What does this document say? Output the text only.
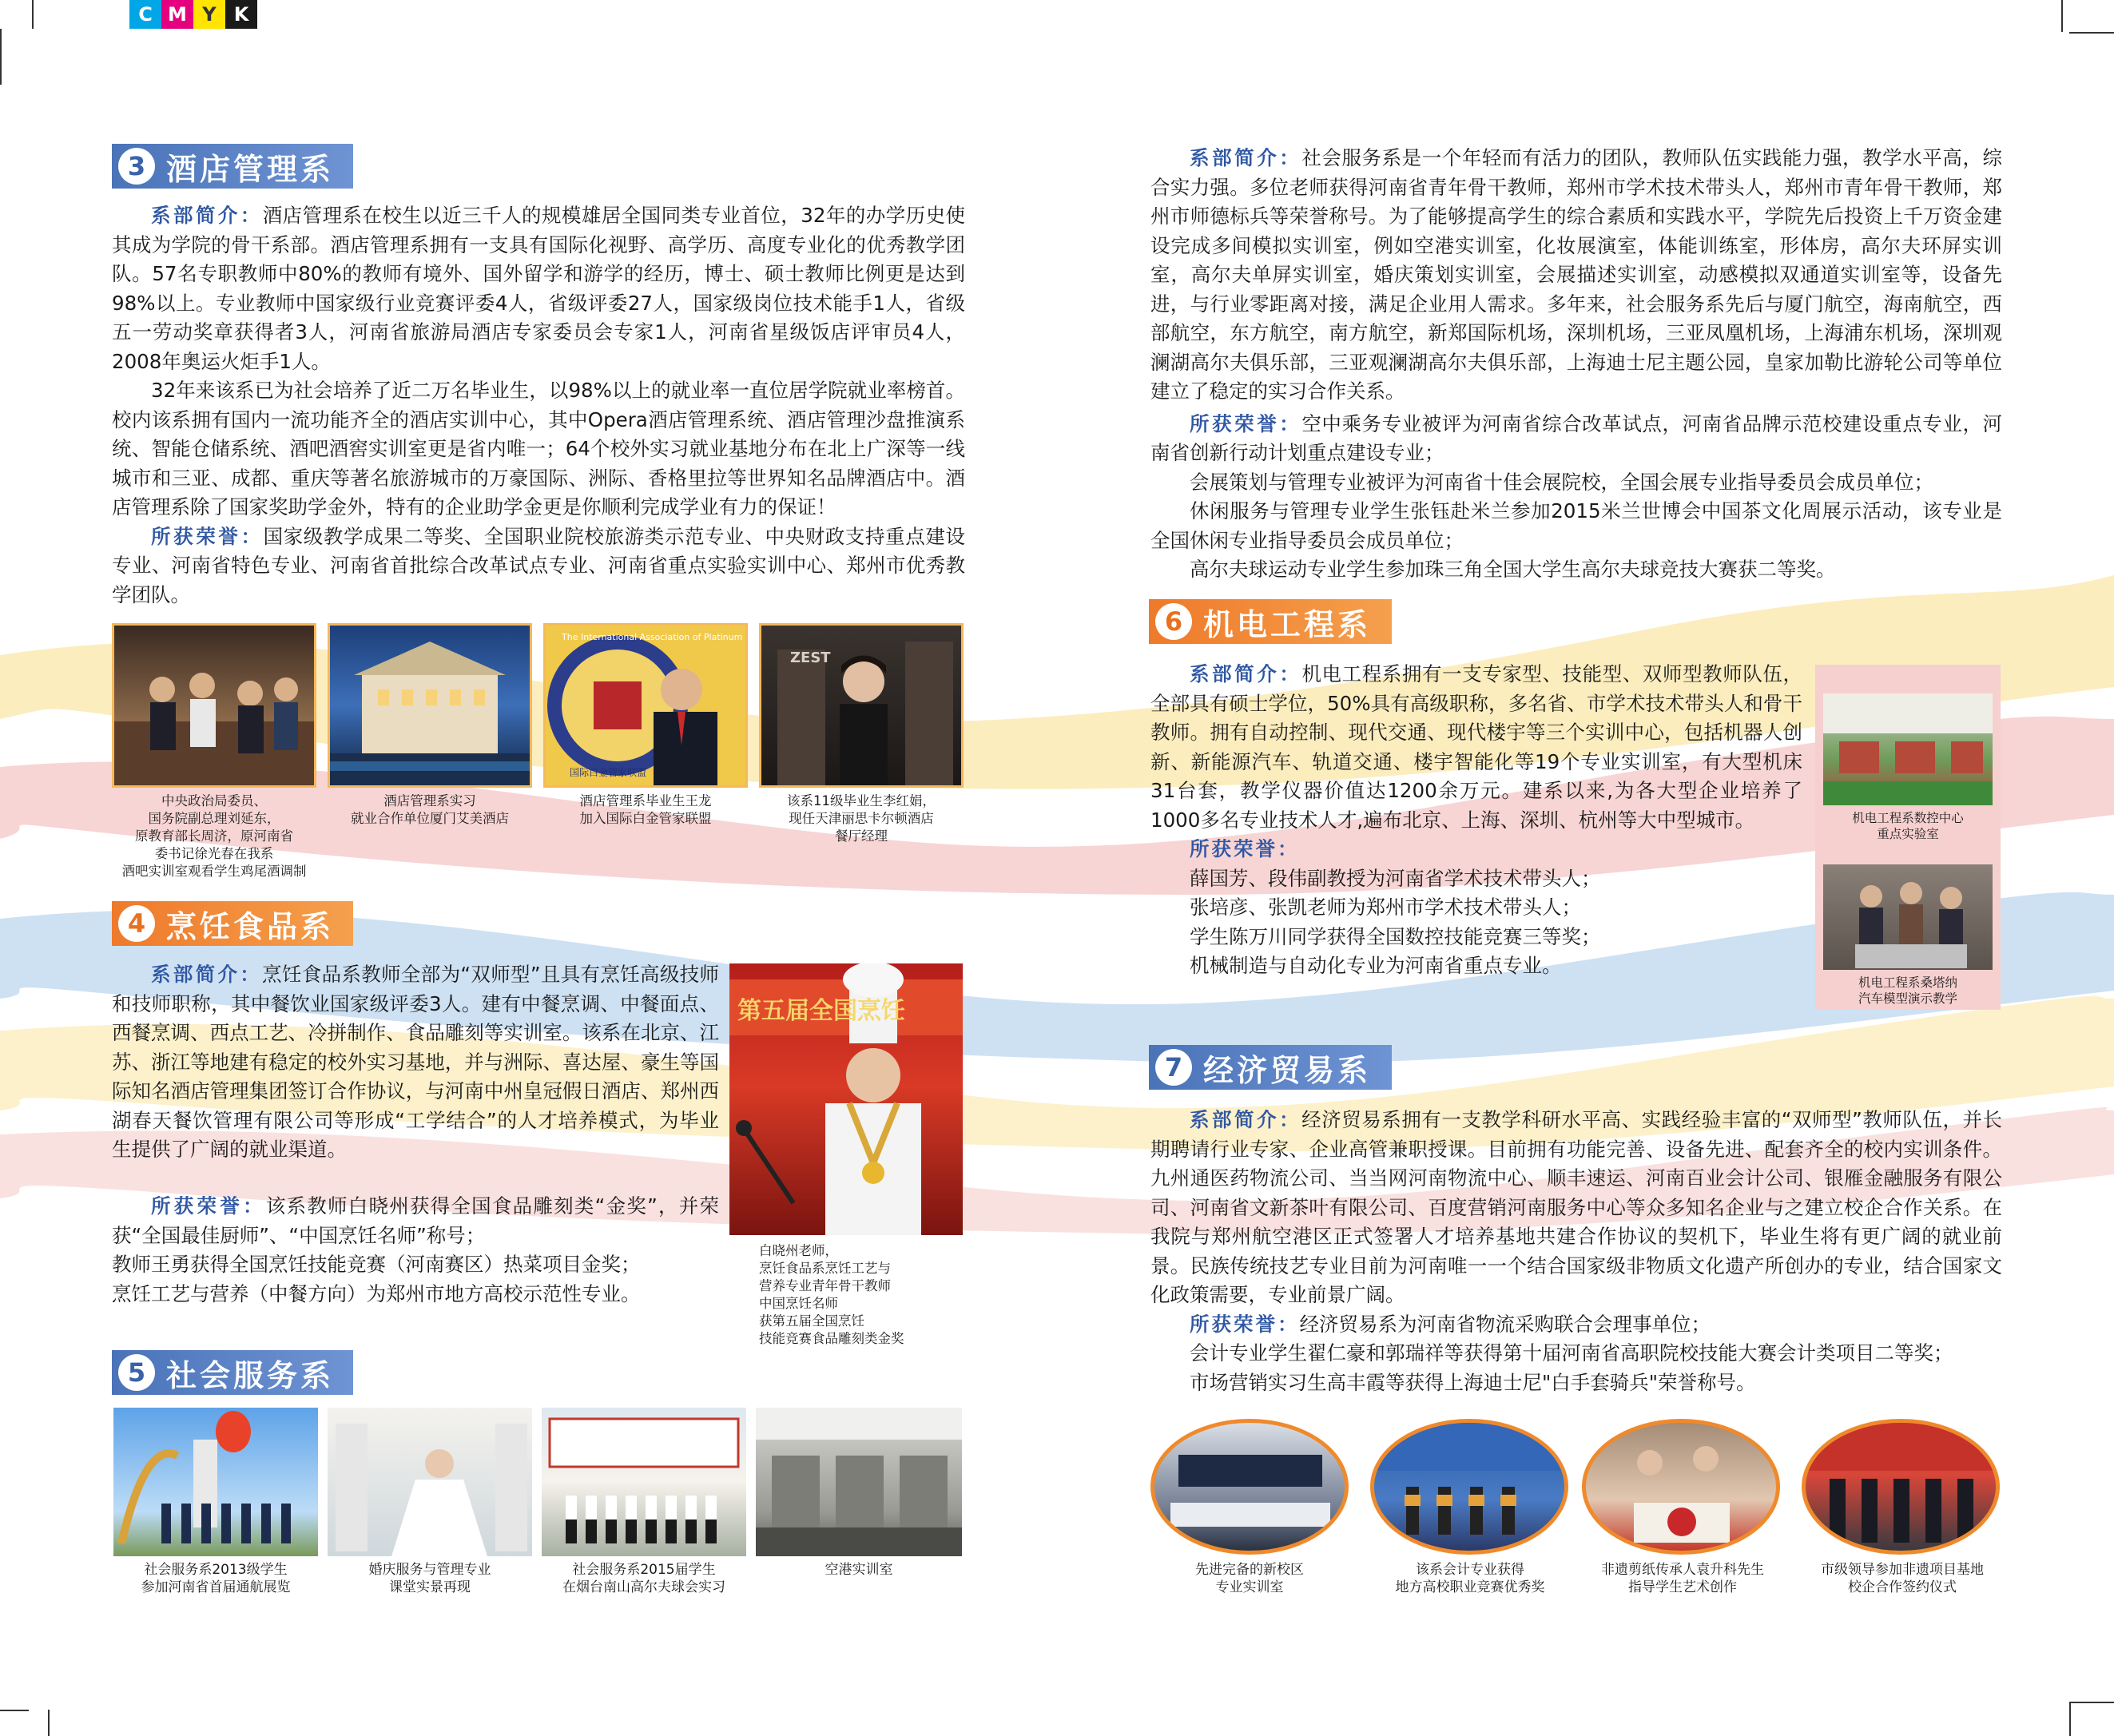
C M Y K
3 酒店管理系

系部简介：酒店管理系在校生以近三千人的规模雄居全国同类专业首位，32年的办学历史使其成为学院的骨干系部。酒店管理系拥有一支具有国际化视野、高学历、高度专业化的优秀教学团队。57名专职教师中80%的教师有境外、国外留学和游学的经历，博士、硕士教师比例更是达到98%以上。专业教师中国家级行业竞赛评委4人，省级评委27人，国家级岗位技术能手1人，省级五一劳动奖章获得者3人，河南省旅游局酒店专家委员会专家1人，河南省星级饭店评审员4人，2008年奥运火炬手1人。

32年来该系已为社会培养了近二万名毕业生，以98%以上的就业率一直位居学院就业率榜首。校内该系拥有国内一流功能齐全的酒店实训中心，其中Opera酒店管理系统、酒店管理沙盘推演系统、智能仓储系统、酒吧酒窖实训室更是省内唯一；64个校外实习就业基地分布在北上广深等一线城市和三亚、成都、重庆等著名旅游城市的万豪国际、洲际、香格里拉等世界知名品牌酒店中。酒店管理系除了国家奖助学金外，特有的企业助学金更是你顺利完成学业有力的保证！

所获荣誉：国家级教学成果二等奖、全国职业院校旅游类示范专业、中央财政支持重点建设专业、河南省特色专业、河南省首批综合改革试点专业、河南省重点实验实训中心、郑州市优秀教学团队。

The International Association of Platinum
国际白金管家联盟
ZEST
中央政治局委员、
国务院副总理刘延东，
原教育部长周济，原河南省
委书记徐光春在我系
酒吧实训室观看学生鸡尾酒调制
酒店管理系实习
就业合作单位厦门艾美酒店
酒店管理系毕业生王龙
加入国际白金管家联盟
该系11级毕业生李红娟，
现任天津丽思卡尔顿酒店
餐厅经理
4 烹饪食品系

系部简介：烹饪食品系教师全部为“双师型”且具有烹饪高级技师和技师职称，其中餐饮业国家级评委3人。建有中餐烹调、中餐面点、西餐烹调、西点工艺、冷拼制作、食品雕刻等实训室。该系在北京、江苏、浙江等地建有稳定的校外实习基地，并与洲际、喜达屋、豪生等国际知名酒店管理集团签订合作协议，与河南中州皇冠假日酒店、郑州西湖春天餐饮管理有限公司等形成“工学结合”的人才培养模式，为毕业生提供了广阔的就业渠道。

所获荣誉：该系教师白晓州获得全国食品雕刻类“金奖”，并荣获“全国最佳厨师”、“中国烹饪名师”称号；

教师王勇获得全国烹饪技能竞赛（河南赛区）热菜项目金奖；

烹饪工艺与营养（中餐方向）为郑州市地方高校示范性专业。

第五届全国烹饪
白晓州老师，
烹饪食品系烹饪工艺与
营养专业青年骨干教师
中国烹饪名师
获第五届全国烹饪
技能竞赛食品雕刻类金奖
5 社会服务系
社会服务系2013级学生
参加河南省首届通航展览
婚庆服务与管理专业
课堂实景再现
社会服务系2015届学生
在烟台南山高尔夫球会实习
空港实训室

系部简介：社会服务系是一个年轻而有活力的团队，教师队伍实践能力强，教学水平高，综合实力强。多位老师获得河南省青年骨干教师，郑州市学术技术带头人，郑州市青年骨干教师，郑州市师德标兵等荣誉称号。为了能够提高学生的综合素质和实践水平，学院先后投资上千万资金建设完成多间模拟实训室，例如空港实训室，化妆展演室，体能训练室，形体房，高尔夫环屏实训室，高尔夫单屏实训室，婚庆策划实训室，会展描述实训室，动感模拟双通道实训室等，设备先进，与行业零距离对接，满足企业用人需求。多年来，社会服务系先后与厦门航空，海南航空，西部航空，东方航空，南方航空，新郑国际机场，深圳机场，三亚凤凰机场，上海浦东机场，深圳观澜湖高尔夫俱乐部，三亚观澜湖高尔夫俱乐部，上海迪士尼主题公园，皇家加勒比游轮公司等单位建立了稳定的实习合作关系。

所获荣誉：空中乘务专业被评为河南省综合改革试点，河南省品牌示范校建设重点专业，河南省创新行动计划重点建设专业；

会展策划与管理专业被评为河南省十佳会展院校，全国会展专业指导委员会成员单位；

休闲服务与管理专业学生张钰赴米兰参加2015米兰世博会中国茶文化周展示活动，该专业是全国休闲专业指导委员会成员单位；

高尔夫球运动专业学生参加珠三角全国大学生高尔夫球竞技大赛获二等奖。

6 机电工程系

系部简介：机电工程系拥有一支专家型、技能型、双师型教师队伍，全部具有硕士学位，50%具有高级职称，多名省、市学术技术带头人和骨干教师。拥有自动控制、现代交通、现代楼宇等三个实训中心，包括机器人创新、新能源汽车、轨道交通、楼宇智能化等19个专业实训室，有大型机床31台套，教学仪器价值达1200余万元。建系以来,为各大型企业培养了1000多名专业技术人才,遍布北京、上海、深圳、杭州等大中型城市。

所获荣誉：

薛国芳、段伟副教授为河南省学术技术带头人；

张培彦、张凯老师为郑州市学术技术带头人；

学生陈万川同学获得全国数控技能竞赛三等奖；

机械制造与自动化专业为河南省重点专业。

机电工程系数控中心
重点实验室
机电工程系桑塔纳
汽车模型演示教学
7 经济贸易系

系部简介：经济贸易系拥有一支教学科研水平高、实践经验丰富的“双师型”教师队伍，并长期聘请行业专家、企业高管兼职授课。目前拥有功能完善、设备先进、配套齐全的校内实训条件。九州通医药物流公司、当当网河南物流中心、顺丰速运、河南百业会计公司、银雁金融服务有限公司、河南省文新茶叶有限公司、百度营销河南服务中心等众多知名企业与之建立校企合作关系。在我院与郑州航空港区正式签署人才培养基地共建合作协议的契机下，毕业生将有更广阔的就业前景。民族传统技艺专业目前为河南唯一一个结合国家级非物质文化遗产所创办的专业，结合国家文化政策需要，专业前景广阔。

所获荣誉：经济贸易系为河南省物流采购联合会理事单位；

会计专业学生翟仁豪和郭瑞祥等获得第十届河南省高职院校技能大赛会计类项目二等奖；

市场营销实习生高丰霞等获得上海迪士尼"白手套骑兵"荣誉称号。

先进完备的新校区
专业实训室
该系会计专业获得
地方高校职业竞赛优秀奖
非遗剪纸传承人袁升科先生
指导学生艺术创作
市级领导参加非遗项目基地
校企合作签约仪式
